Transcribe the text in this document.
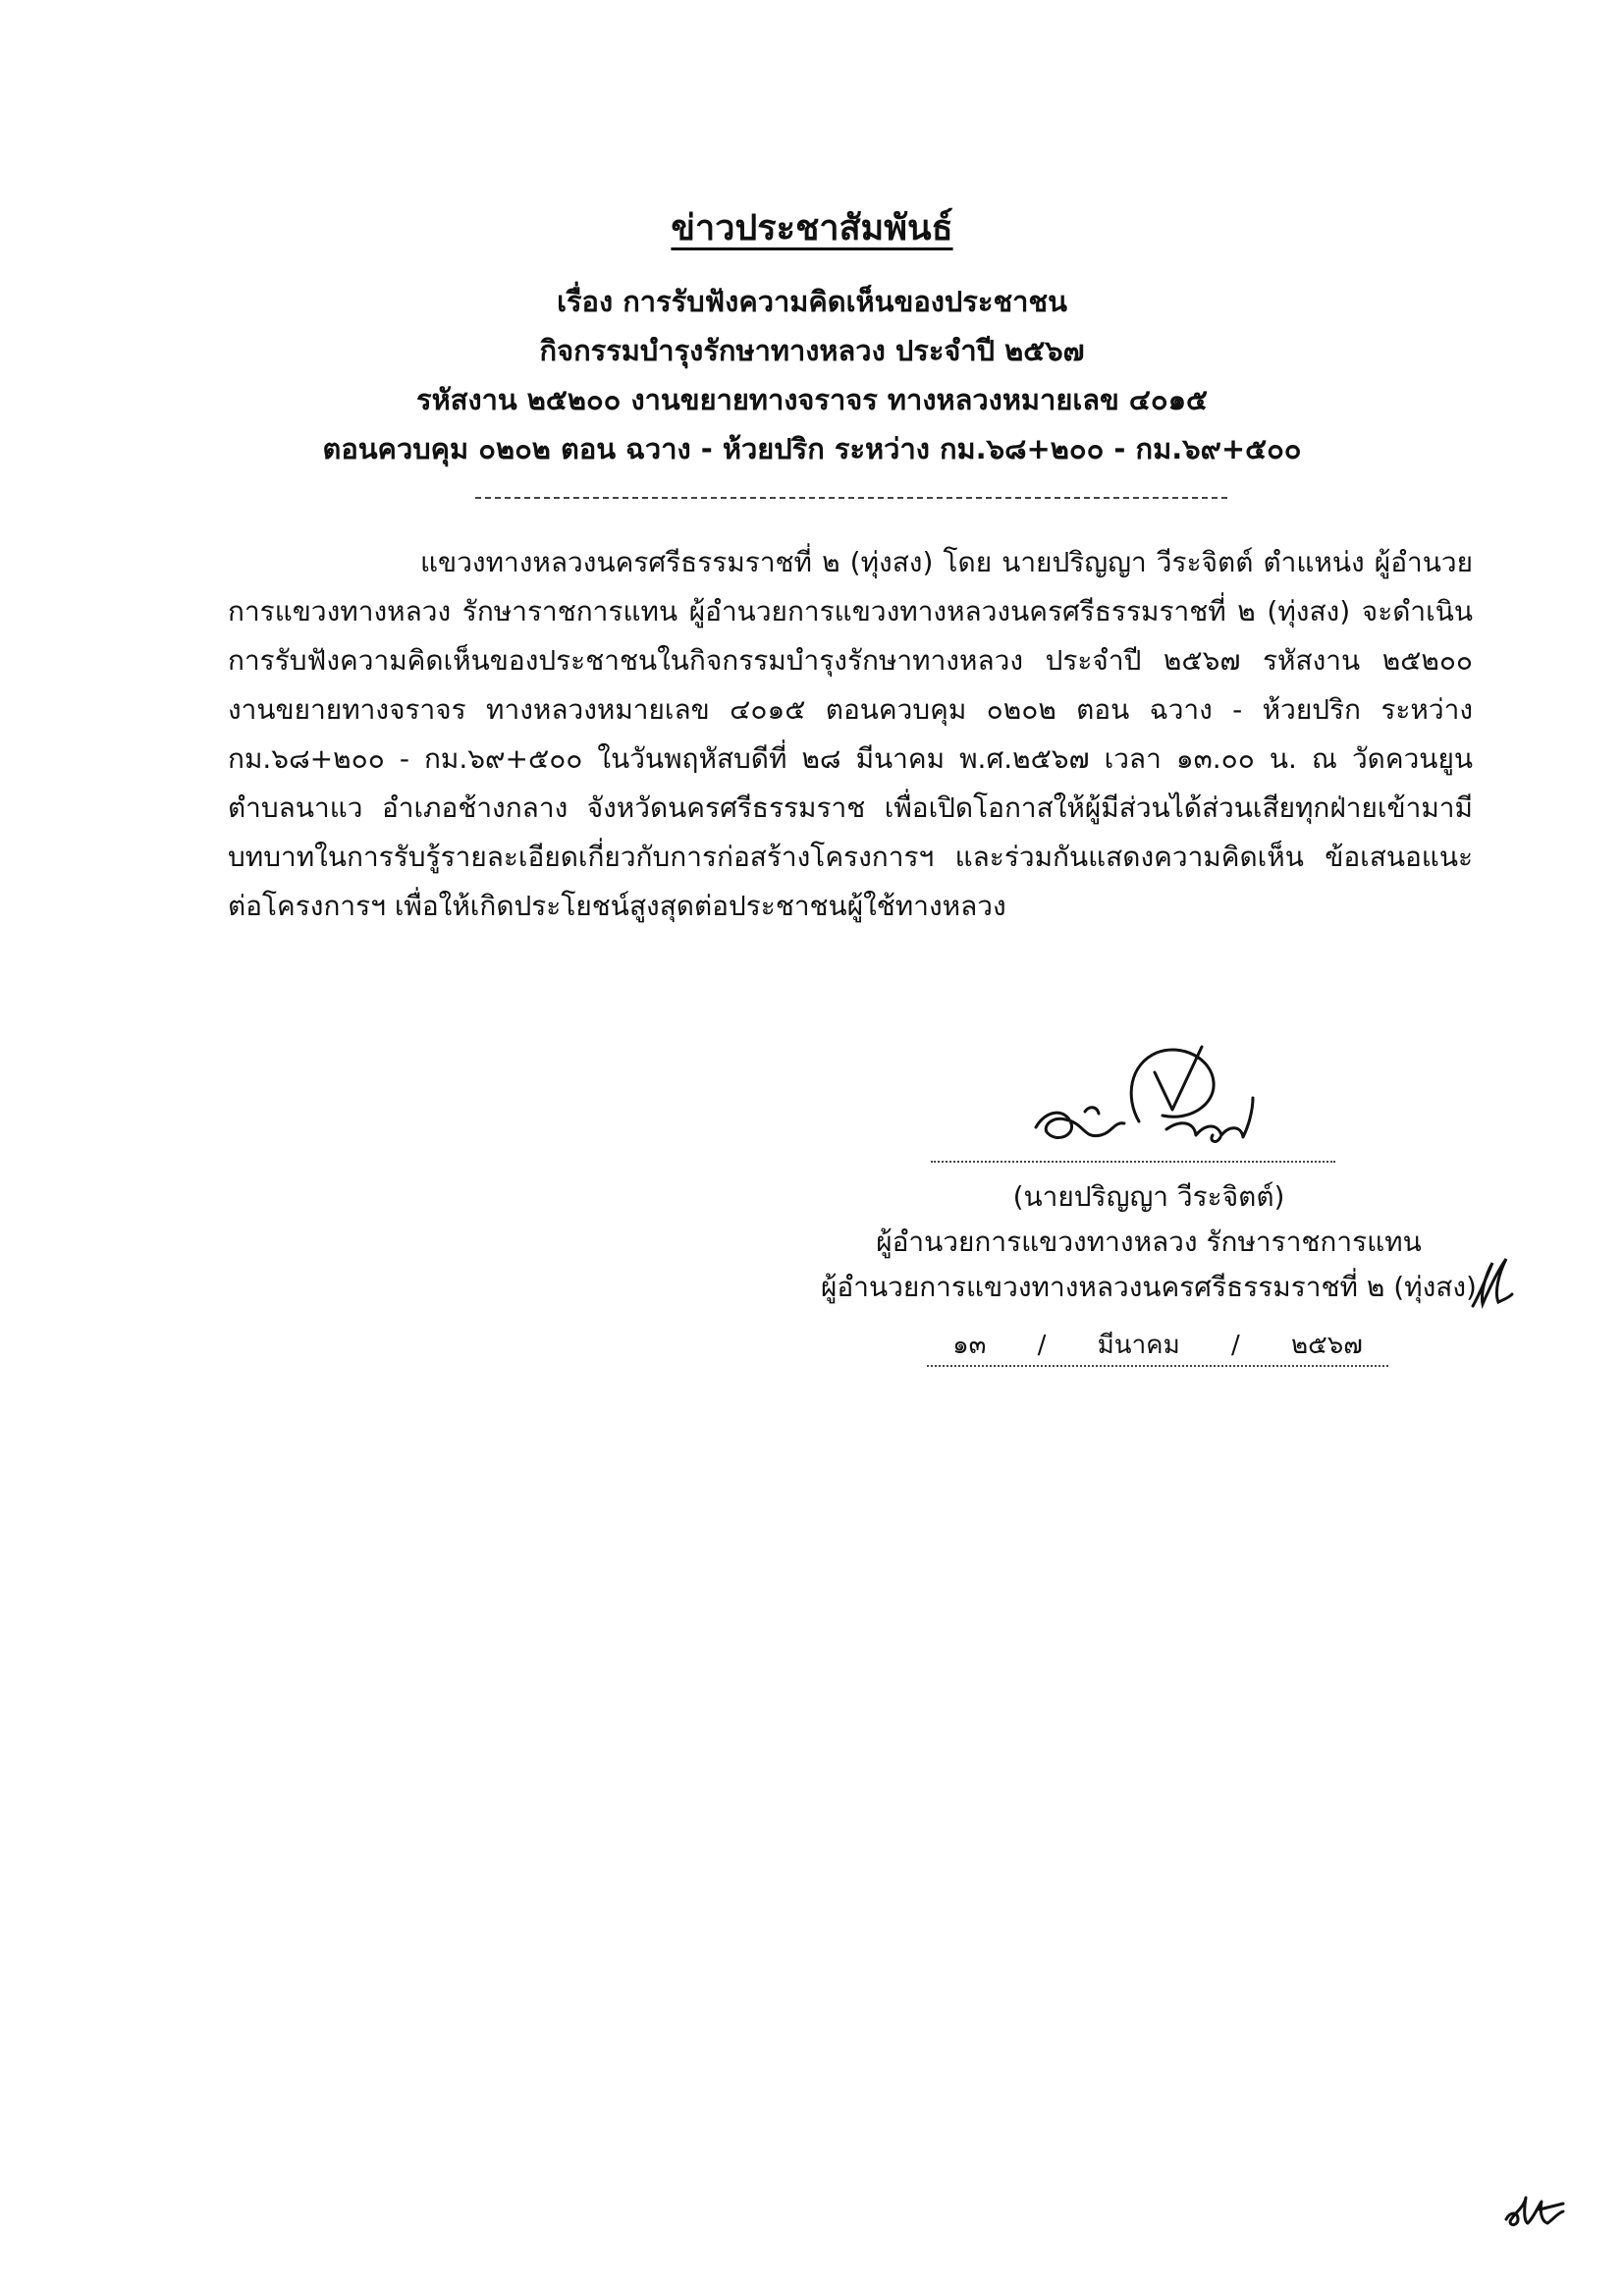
ข่าวประชาสัมพันธ์
เรื่อง การรับฟังความคิดเห็นของประชาชน
กิจกรรมบำรุงรักษาทางหลวง ประจำปี ๒๕๖๗
รหัสงาน ๒๕๒๐๐ งานขยายทางจราจร ทางหลวงหมายเลข ๔๐๑๕
ตอนควบคุม ๐๒๐๒ ตอน ฉวาง - ห้วยปริก ระหว่าง กม.๖๘+๒๐๐ - กม.๖๙+๕๐๐
แขวงทางหลวงนครศรีธรรมราชที่ ๒ (ทุ่งสง) โดย นายปริญญา วีระจิตต์ ตำแหน่ง ผู้อำนวยการแขวงทางหลวง รักษาราชการแทน ผู้อำนวยการแขวงทางหลวงนครศรีธรรมราชที่ ๒ (ทุ่งสง) จะดำเนินการรับฟังความคิดเห็นของประชาชนในกิจกรรมบำรุงรักษาทางหลวง ประจำปี ๒๕๖๗ รหัสงาน ๒๕๒๐๐ งานขยายทางจราจร ทางหลวงหมายเลข ๔๐๑๕ ตอนควบคุม ๐๒๐๒ ตอน ฉวาง - ห้วยปริก ระหว่าง กม.๖๘+๒๐๐ - กม.๖๙+๕๐๐ ในวันพฤหัสบดีที่ ๒๘ มีนาคม พ.ศ.๒๕๖๗ เวลา ๑๓.๐๐ น. ณ วัดควนยูน ตำบลนาแว อำเภอช้างกลาง จังหวัดนครศรีธรรมราช เพื่อเปิดโอกาสให้ผู้มีส่วนได้ส่วนเสียทุกฝ่ายเข้ามามีบทบาทในการรับรู้รายละเอียดเกี่ยวกับการก่อสร้างโครงการฯ และร่วมกันแสดงความคิดเห็น ข้อเสนอแนะต่อโครงการฯ เพื่อให้เกิดประโยชน์สูงสุดต่อประชาชนผู้ใช้ทางหลวง
(นายปริญญา วีระจิตต์)
ผู้อำนวยการแขวงทางหลวง รักษาราชการแทน
ผู้อำนวยการแขวงทางหลวงนครศรีธรรมราชที่ ๒ (ทุ่งสง)
๑๓ / มีนาคม / ๒๕๖๗
